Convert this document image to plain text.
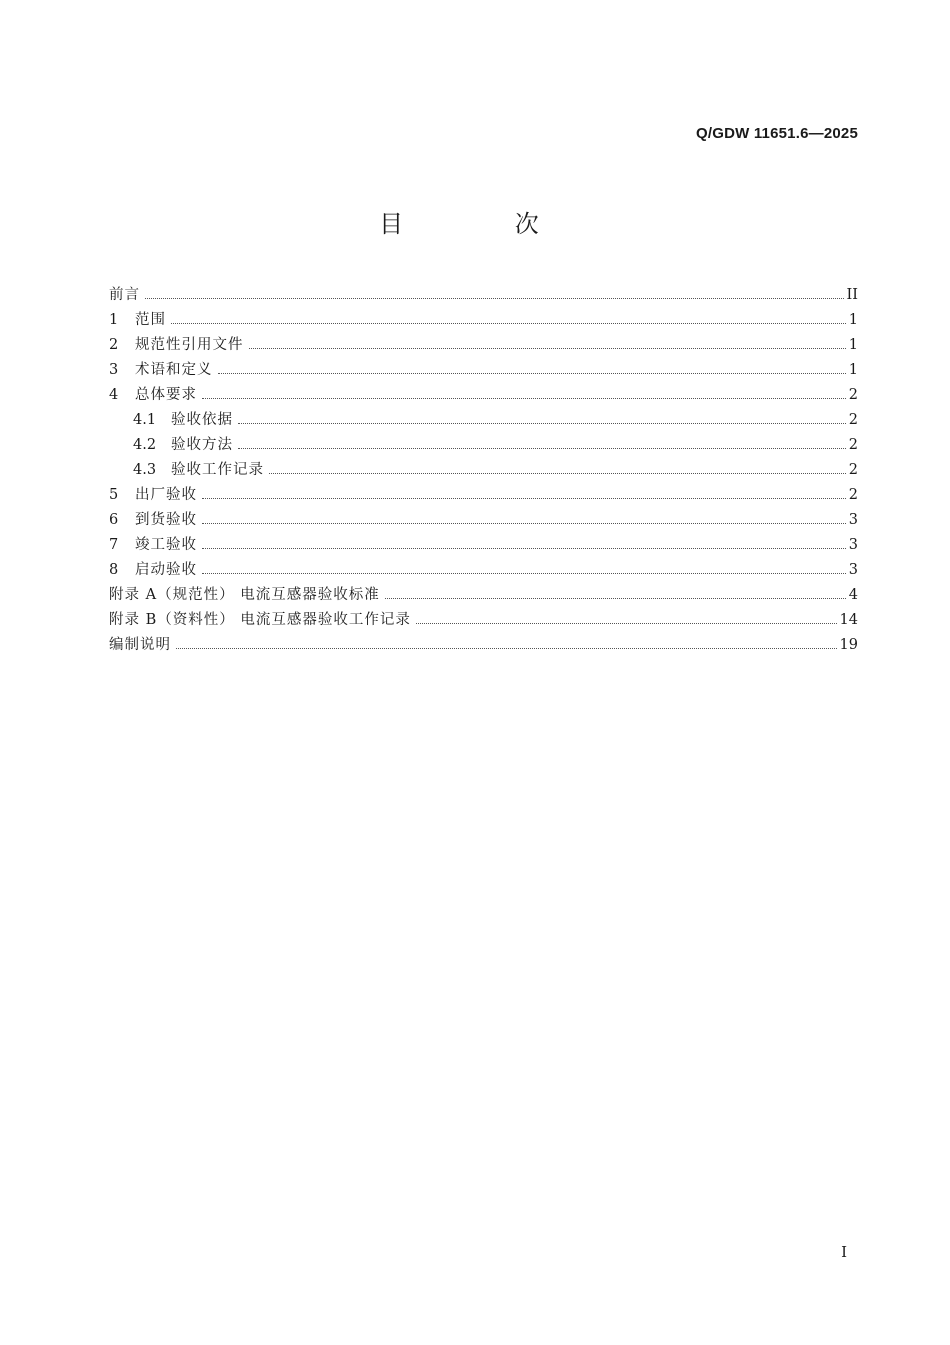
Q/GDW 11651.6—2025
目 次
前言	II
1	范围	1
2	规范性引用文件	1
3	术语和定义	1
4	总体要求	2
4.1	验收依据	2
4.2	验收方法	2
4.3	验收工作记录	2
5	出厂验收	2
6	到货验收	3
7	竣工验收	3
8	启动验收	3
附录 A（规范性） 电流互感器验收标准	4
附录 B（资料性） 电流互感器验收工作记录	14
编制说明	19
I
